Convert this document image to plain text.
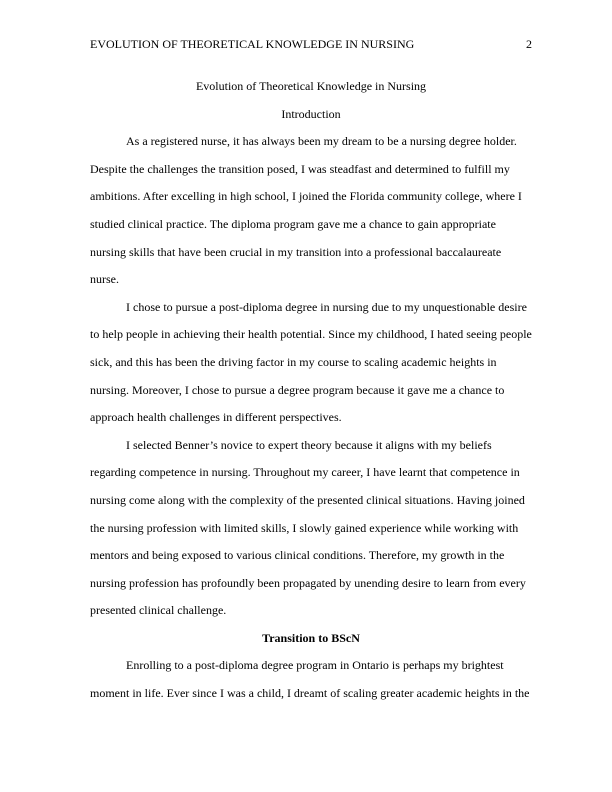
EVOLUTION OF THEORETICAL KNOWLEDGE IN NURSING	2

Evolution of Theoretical Knowledge in Nursing

Introduction

As a registered nurse, it has always been my dream to be a nursing degree holder. Despite the challenges the transition posed, I was steadfast and determined to fulfill my ambitions. After excelling in high school, I joined the Florida community college, where I studied clinical practice. The diploma program gave me a chance to gain appropriate nursing skills that have been crucial in my transition into a professional baccalaureate nurse.

I chose to pursue a post-diploma degree in nursing due to my unquestionable desire to help people in achieving their health potential. Since my childhood, I hated seeing people sick, and this has been the driving factor in my course to scaling academic heights in nursing. Moreover, I chose to pursue a degree program because it gave me a chance to approach health challenges in different perspectives.

I selected Benner’s novice to expert theory because it aligns with my beliefs regarding competence in nursing. Throughout my career, I have learnt that competence in nursing come along with the complexity of the presented clinical situations. Having joined the nursing profession with limited skills, I slowly gained experience while working with mentors and being exposed to various clinical conditions. Therefore, my growth in the nursing profession has profoundly been propagated by unending desire to learn from every presented clinical challenge.

Transition to BScN

Enrolling to a post-diploma degree program in Ontario is perhaps my brightest moment in life. Ever since I was a child, I dreamt of scaling greater academic heights in the
